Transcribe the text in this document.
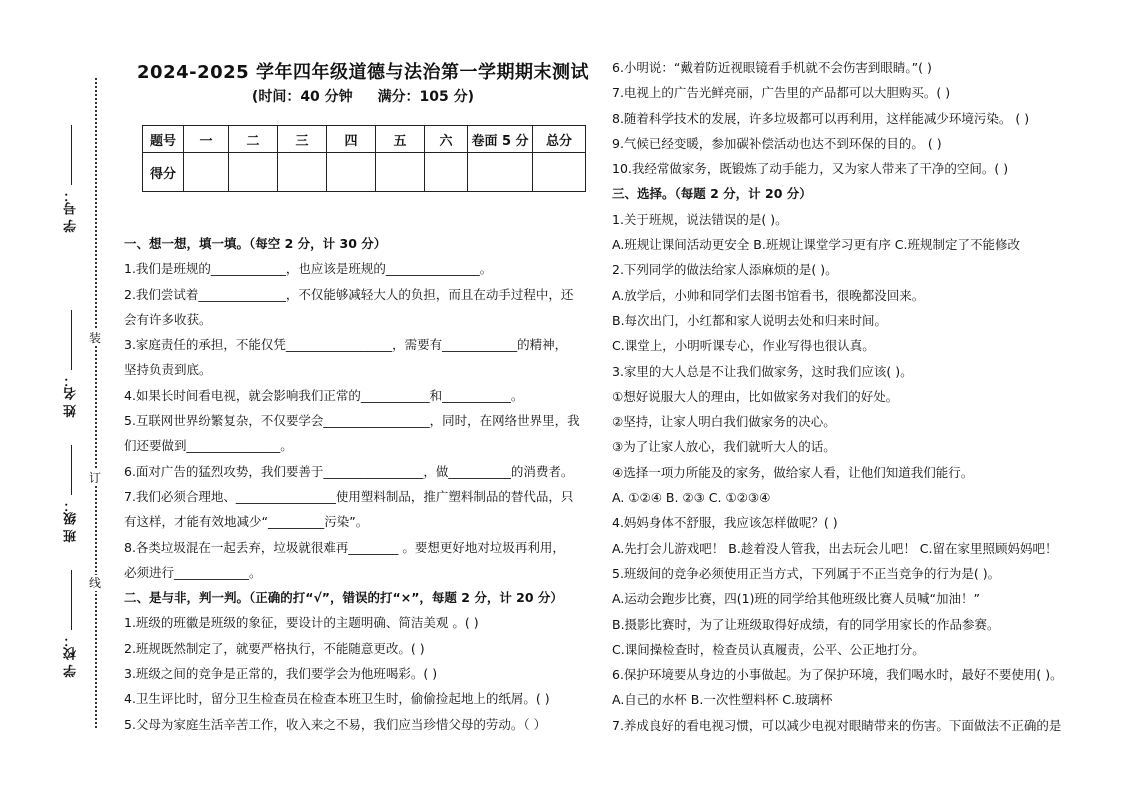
装
订
线
学 号：
姓 名：
班 级：
学 校：
2024-2025 学年四年级道德与法治第一学期期末测试
(时间：40 分钟 满分：105 分)
题号	一	二	三	四	五	六	卷面 5 分	总分
得分								
一、想一想，填一填。（每空 2 分，计 30 分）
1.我们是班规的____________，也应该是班规的_______________。
2.我们尝试着______________，不仅能够减轻大人的负担，而且在动手过程中，还
会有许多收获。
3.家庭责任的承担，不能仅凭_________________，需要有____________的精神，
坚持负责到底。
4.如果长时间看电视，就会影响我们正常的___________和___________。
5.互联网世界纷繁复杂，不仅要学会_________________，同时，在网络世界里，我
们还要做到_______________。
6.面对广告的猛烈攻势，我们要善于________________，做__________的消费者。
7.我们必须合理地、________________使用塑料制品，推广塑料制品的替代品，只
有这样，才能有效地减少“_________污染”。
8.各类垃圾混在一起丢弃，垃圾就很难再________ 。要想更好地对垃圾再利用，
必须进行____________。
二、是与非，判一判。（正确的打“√”，错误的打“×”，每题 2 分，计 20 分）
1.班级的班徽是班级的象征，要设计的主题明确、简洁美观 。( )
2.班规既然制定了，就要严格执行，不能随意更改。( )
3.班级之间的竞争是正常的，我们要学会为他班喝彩。( )
4.卫生评比时，留分卫生检查员在检查本班卫生时，偷偷捡起地上的纸屑。( )
5.父母为家庭生活辛苦工作，收入来之不易，我们应当珍惜父母的劳动。（ ）
6.小明说：“戴着防近视眼镜看手机就不会伤害到眼睛。”( )
7.电视上的广告光鲜亮丽，广告里的产品都可以大胆购买。( )
8.随着科学技术的发展，许多垃圾都可以再利用，这样能减少环境污染。 ( )
9.气候已经变暖，参加碳补偿活动也达不到环保的目的。 ( )
10.我经常做家务，既锻炼了动手能力，又为家人带来了干净的空间。( )
三、选择。（每题 2 分，计 20 分）
1.关于班规，说法错误的是( )。
A.班规让课间活动更安全 B.班规让课堂学习更有序 C.班规制定了不能修改
2.下列同学的做法给家人添麻烦的是( )。
A.放学后，小帅和同学们去图书馆看书，很晚都没回来。
B.每次出门，小红都和家人说明去处和归来时间。
C.课堂上，小明听课专心，作业写得也很认真。
3.家里的大人总是不让我们做家务，这时我们应该( )。
①想好说服大人的理由，比如做家务对我们的好处。
②坚持，让家人明白我们做家务的决心。
③为了让家人放心，我们就听大人的话。
④选择一项力所能及的家务，做给家人看，让他们知道我们能行。
A. ①②④ B. ②③ C. ①②③④
4.妈妈身体不舒服，我应该怎样做呢？( )
A.先打会儿游戏吧！ B.趁着没人管我，出去玩会儿吧！ C.留在家里照顾妈妈吧！
5.班级间的竞争必须使用正当方式，下列属于不正当竞争的行为是( )。
A.运动会跑步比赛，四(1)班的同学给其他班级比赛人员喊“加油！”
B.摄影比赛时，为了让班级取得好成绩，有的同学用家长的作品参赛。
C.课间操检查时，检查员认真履责，公平、公正地打分。
6.保护环境要从身边的小事做起。为了保护环境，我们喝水时，最好不要使用( )。
A.自己的水杯 B.一次性塑料杯 C.玻璃杯
7.养成良好的看电视习惯，可以减少电视对眼睛带来的伤害。下面做法不正确的是
